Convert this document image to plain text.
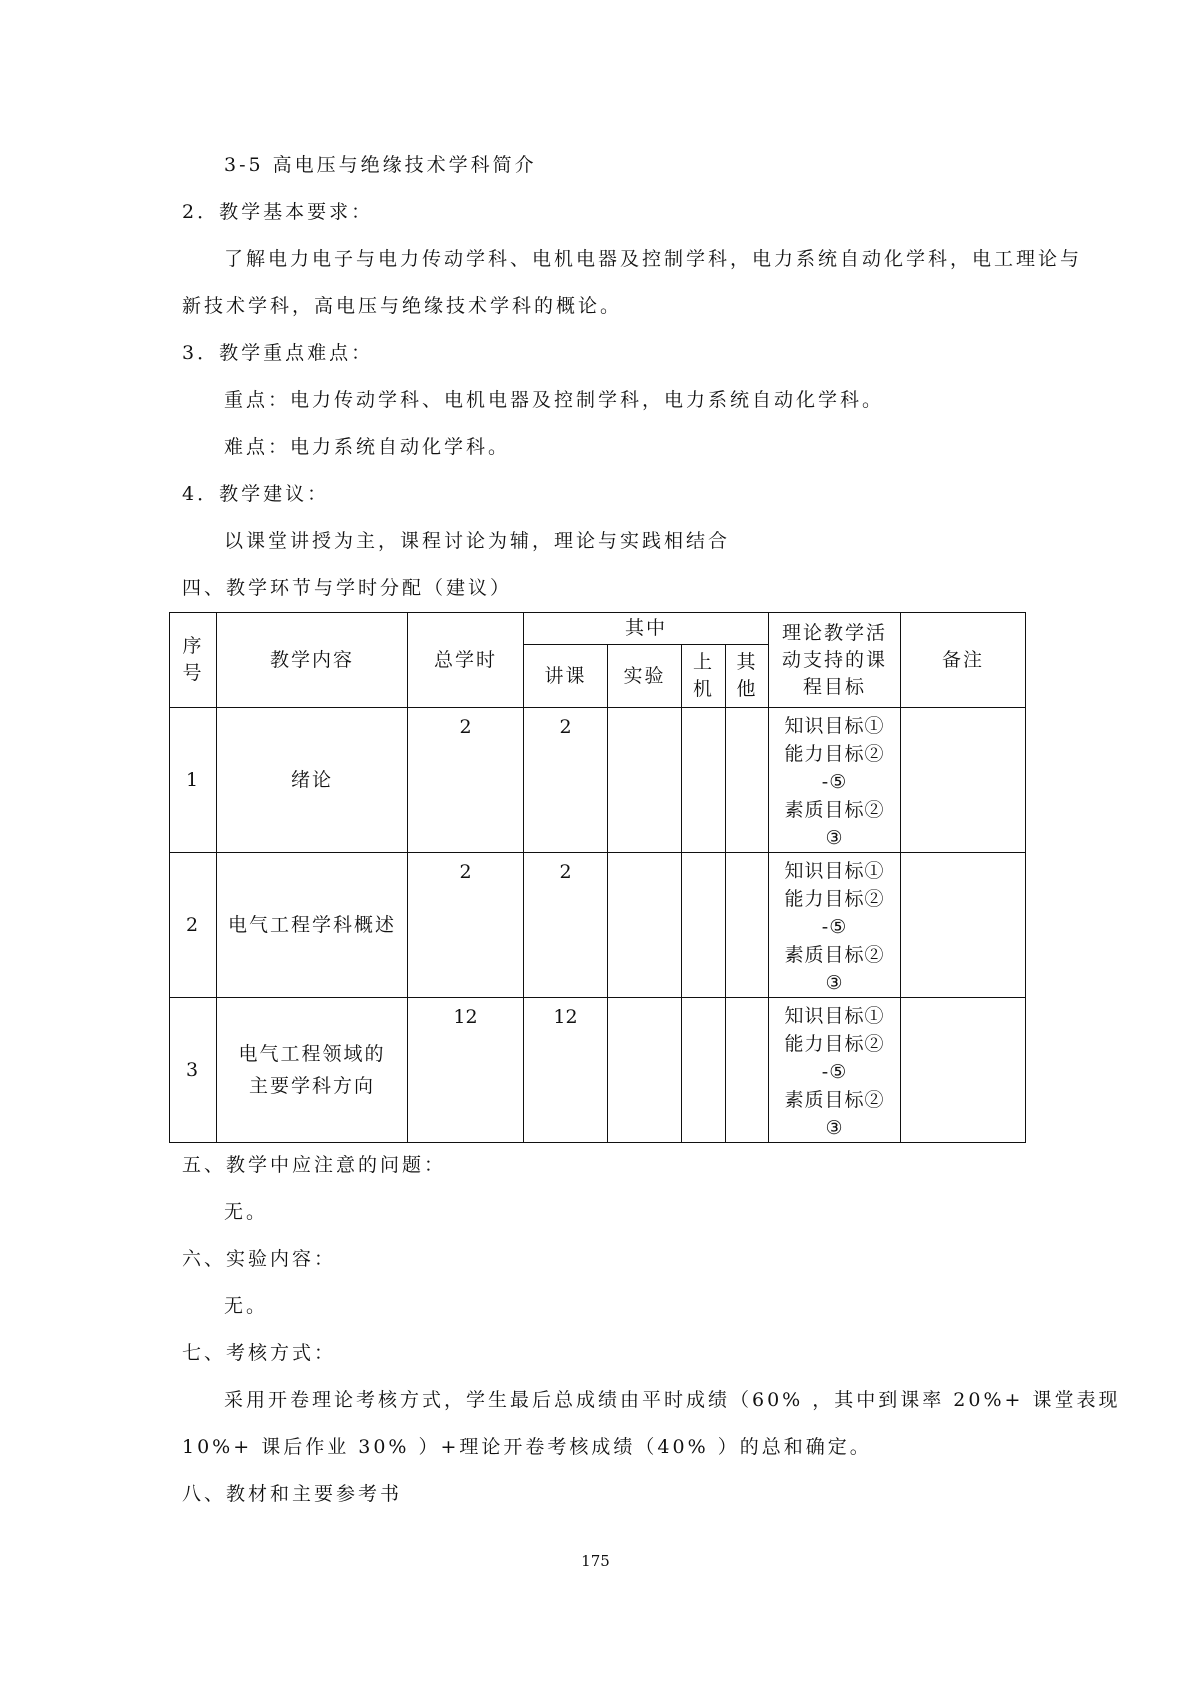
3-5 高电压与绝缘技术学科简介
2．教学基本要求：
了解电力电子与电力传动学科、电机电器及控制学科，电力系统自动化学科，电工理论与
新技术学科，高电压与绝缘技术学科的概论。
3．教学重点难点：
重点：电力传动学科、电机电器及控制学科，电力系统自动化学科。
难点：电力系统自动化学科。
4．教学建议：
以课堂讲授为主，课程讨论为辅，理论与实践相结合
四、教学环节与学时分配（建议）
序
号	教学内容	总学时	其中				理论教学活
动支持的课
程目标	备注
			讲课	实验	上
机	其
他		
1	绪论	2	2				知识目标①
能力目标②
-⑤
素质目标②
③	
2	电气工程学科概述	2	2				知识目标①
能力目标②
-⑤
素质目标②
③	
3	电气工程领域的主要学科方向	12	12				知识目标①
能力目标②
-⑤
素质目标②
③	
五、教学中应注意的问题：
无。
六、实验内容：
无。
七、考核方式：
采用开卷理论考核方式，学生最后总成绩由平时成绩（60% ，其中到课率 20%+ 课堂表现
10%+ 课后作业 30% ）+理论开卷考核成绩（40% ）的总和确定。
八、教材和主要参考书
175
